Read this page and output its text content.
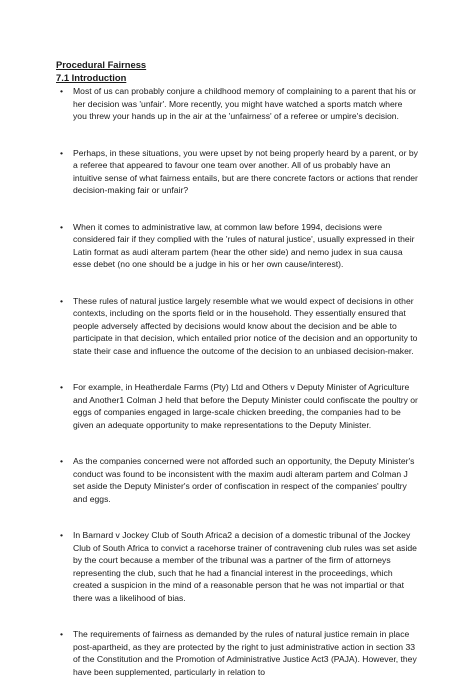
Procedural Fairness

7.1 Introduction

• Most of us can probably conjure a childhood memory of complaining to a parent that his or her decision was 'unfair'. More recently, you might have watched a sports match where you threw your hands up in the air at the 'unfairness' of a referee or umpire's decision.
• Perhaps, in these situations, you were upset by not being properly heard by a parent, or by a referee that appeared to favour one team over another. All of us probably have an intuitive sense of what fairness entails, but are there concrete factors or actions that render decision-making fair or unfair?
• When it comes to administrative law, at common law before 1994, decisions were considered fair if they complied with the 'rules of natural justice', usually expressed in their Latin format as audi alteram partem (hear the other side) and nemo judex in sua causa esse debet (no one should be a judge in his or her own cause/interest).
• These rules of natural justice largely resemble what we would expect of decisions in other contexts, including on the sports field or in the household. They essentially ensured that people adversely affected by decisions would know about the decision and be able to participate in that decision, which entailed prior notice of the decision and an opportunity to state their case and influence the outcome of the decision to an unbiased decision-maker.
• For example, in Heatherdale Farms (Pty) Ltd and Others v Deputy Minister of Agriculture and Another1 Colman J held that before the Deputy Minister could confiscate the poultry or eggs of companies engaged in large-scale chicken breeding, the companies had to be given an adequate opportunity to make representations to the Deputy Minister.
• As the companies concerned were not afforded such an opportunity, the Deputy Minister's conduct was found to be inconsistent with the maxim audi alteram partem and Colman J set aside the Deputy Minister's order of confiscation in respect of the companies' poultry and eggs.
• In Barnard v Jockey Club of South Africa2 a decision of a domestic tribunal of the Jockey Club of South Africa to convict a racehorse trainer of contravening club rules was set aside by the court because a member of the tribunal was a partner of the firm of attorneys representing the club, such that he had a financial interest in the proceedings, which created a suspicion in the mind of a reasonable person that he was not impartial or that there was a likelihood of bias.
• The requirements of fairness as demanded by the rules of natural justice remain in place post-apartheid, as they are protected by the right to just administrative action in section 33 of the Constitution and the Promotion of Administrative Justice Act3 (PAJA). However, they have been supplemented, particularly in relation to
